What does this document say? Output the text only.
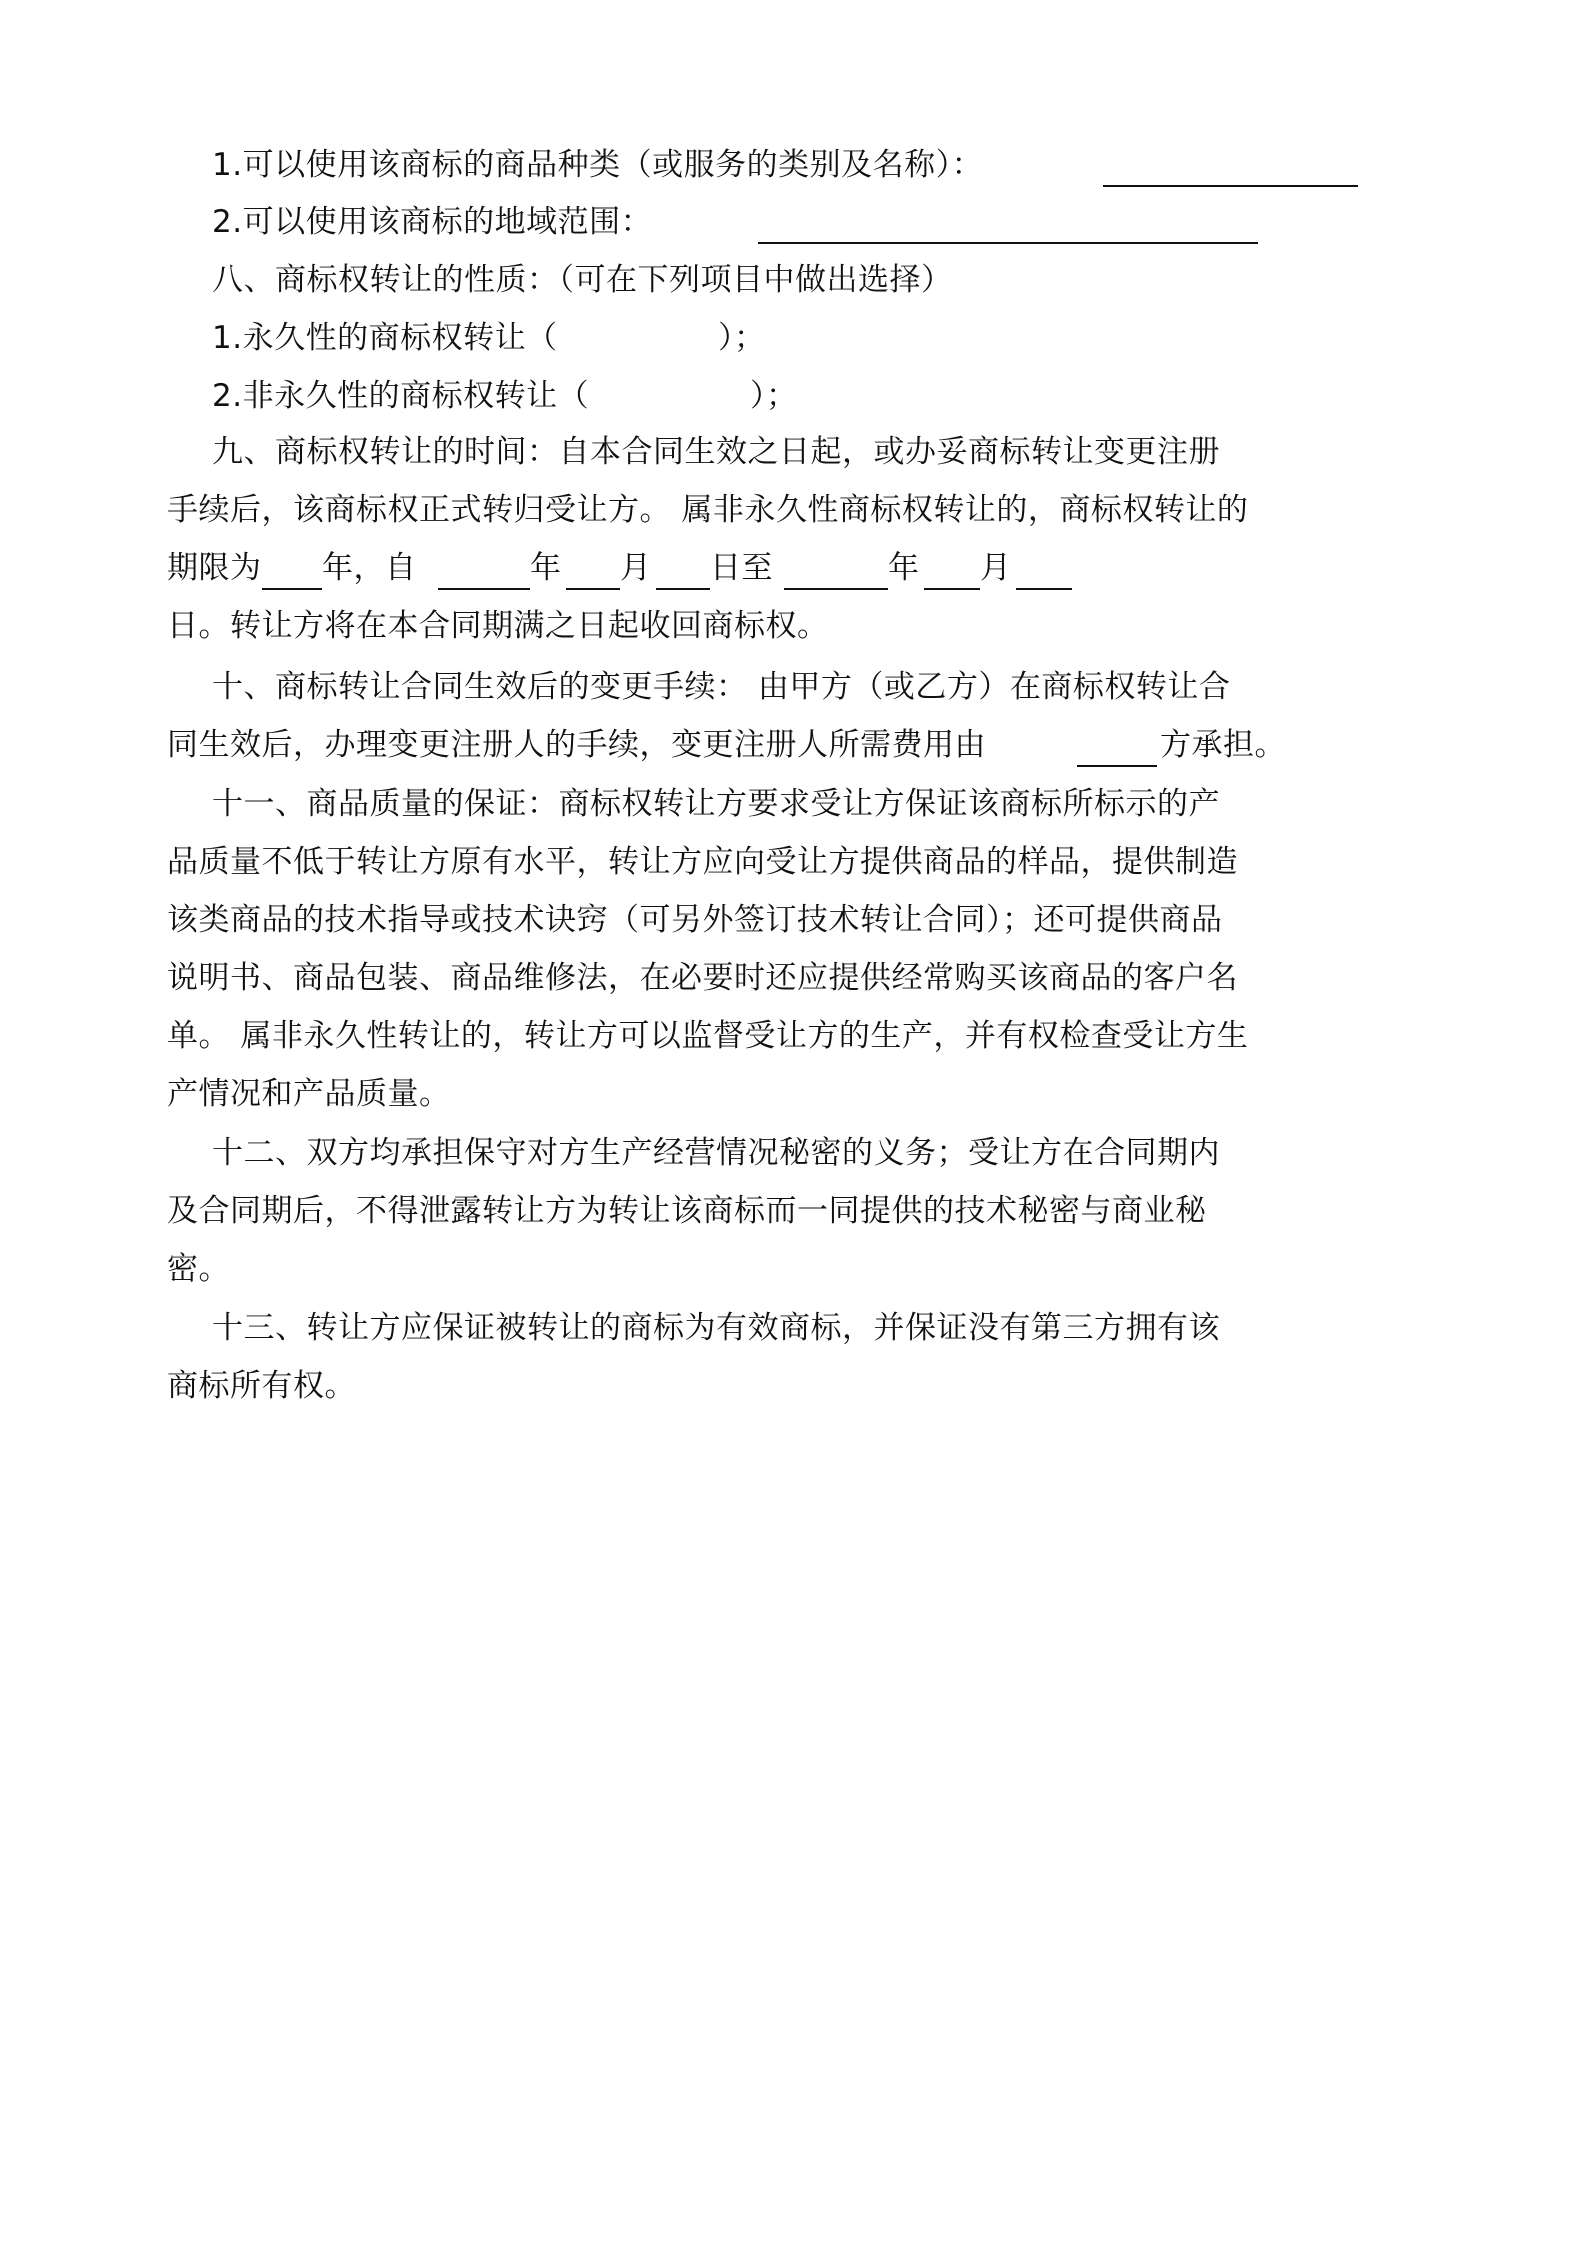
1.可以使用该商标的商品种类（或服务的类别及名称）：
2.可以使用该商标的地域范围：
八、商标权转让的性质：（可在下列项目中做出选择）
1.永久性的商标权转让（	）；
2.非永久性的商标权转让（	）；
九、商标权转让的时间：自本合同生效之日起，或办妥商标转让变更注册
手续后，该商标权正式转归受让方。 属非永久性商标权转让的，商标权转让的
期限为 年，自	年 月 日至	年 月
日。转让方将在本合同期满之日起收回商标权。
十、商标转让合同生效后的变更手续： 由甲方（或乙方）在商标权转让合
同生效后，办理变更注册人的手续，变更注册人所需费用由	方承担。
十一、商品质量的保证：商标权转让方要求受让方保证该商标所标示的产
品质量不低于转让方原有水平，转让方应向受让方提供商品的样品，提供制造
该类商品的技术指导或技术诀窍（可另外签订技术转让合同）；还可提供商品
说明书、商品包装、商品维修法，在必要时还应提供经常购买该商品的客户名
单。 属非永久性转让的，转让方可以监督受让方的生产，并有权检查受让方生
产情况和产品质量。
十二、双方均承担保守对方生产经营情况秘密的义务；受让方在合同期内
及合同期后，不得泄露转让方为转让该商标而一同提供的技术秘密与商业秘
密。
十三、转让方应保证被转让的商标为有效商标，并保证没有第三方拥有该
商标所有权。
